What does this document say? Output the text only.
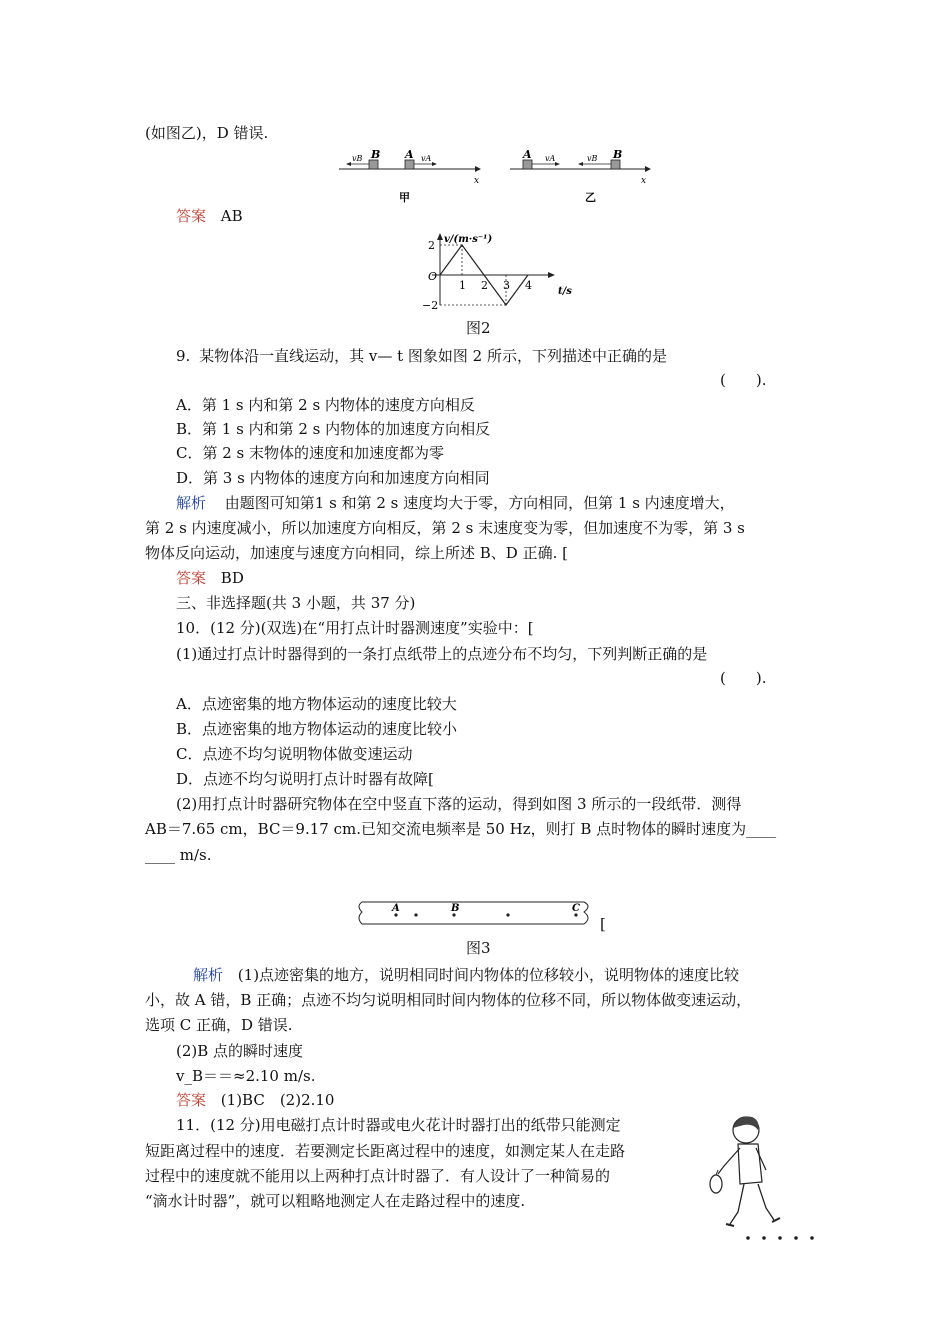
(如图乙)，D 错误.
B A
vB	vA
x
甲
A	B
vA	vB
x
乙
答案 AB
2
−2
1 2 3 4
v/(m·s⁻¹)
t/s
O
图2
9. 某物体沿一直线运动，其 v— t 图象如图 2 所示，下列描述中正确的是
(　　).
A．第 1 s 内和第 2 s 内物体的速度方向相反
B．第 1 s 内和第 2 s 内物体的加速度方向相反
C．第 2 s 末物体的速度和加速度都为零
D．第 3 s 内物体的速度方向和加速度方向相同
解析 由题图可知第1 s 和第 2 s 速度均大于零，方向相同，但第 1 s 内速度增大，
第 2 s 内速度减小，所以加速度方向相反，第 2 s 末速度变为零，但加速度不为零，第 3 s
物体反向运动，加速度与速度方向相同，综上所述 B、D 正确. [
答案 BD
三、非选择题(共 3 小题，共 37 分)
10．(12 分)(双选)在“用打点计时器测速度”实验中：[
(1)通过打点计时器得到的一条打点纸带上的点迹分布不均匀，下列判断正确的是
(　　).
A．点迹密集的地方物体运动的速度比较大
B．点迹密集的地方物体运动的速度比较小
C．点迹不均匀说明物体做变速运动
D．点迹不均匀说明打点计时器有故障[
(2)用打点计时器研究物体在空中竖直下落的运动，得到如图 3 所示的一段纸带．测得
AB＝7.65 cm，BC＝9.17 cm.已知交流电频率是 50 Hz，则打 B 点时物体的瞬时速度为____
____ m/s.
A	B	C
[
图3
解析 (1)点迹密集的地方，说明相同时间内物体的位移较小，说明物体的速度比较
小，故 A 错，B 正确；点迹不均匀说明相同时间内物体的位移不同，所以物体做变速运动，
选项 C 正确，D 错误.
(2)B 点的瞬时速度
v_B＝＝≈2.10 m/s.
答案 (1)BC　(2)2.10
11．(12 分)用电磁打点计时器或电火花计时器打出的纸带只能测定
短距离过程中的速度．若要测定长距离过程中的速度，如测定某人在走路
过程中的速度就不能用以上两种打点计时器了．有人设计了一种简易的
“滴水计时器”，就可以粗略地测定人在走路过程中的速度.
